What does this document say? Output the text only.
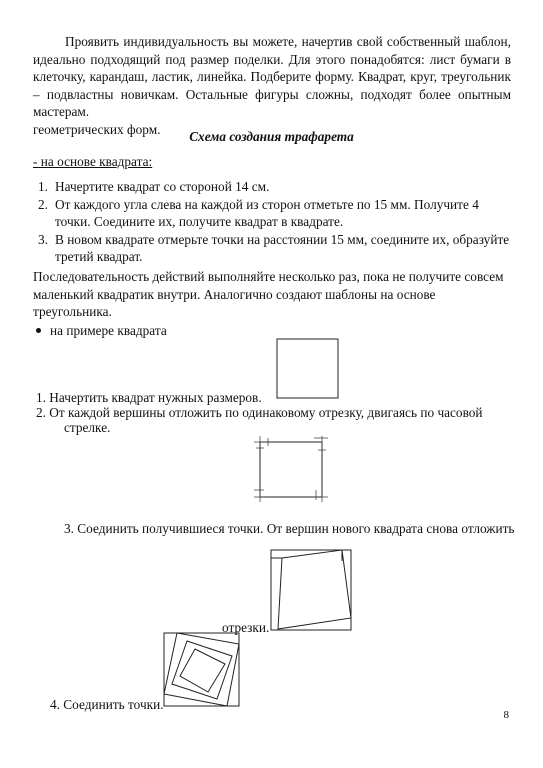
Проявить индивидуальность вы можете, начертив свой собственный шаблон, идеально подходящий под размер поделки. Для этого понадобятся: лист бумаги в клеточку, карандаш, ластик, линейка. Подберите форму. Квадрат, круг, треугольник – подвластны новичкам. Остальные фигуры сложны, подходят более опытным мастерам.
геометрических форм.	Схема создания трафарета
- на основе квадрата:
1. Начертите квадрат со стороной 14 см.
2. От каждого угла слева на каждой из сторон отметьте по 15 мм. Получите 4 точки. Соедините их, получите квадрат в квадрате.
3. В новом квадрате отмерьте точки на расстоянии 15 мм, соедините их, образуйте третий квадрат.

Последовательность действий выполняйте несколько раз, пока не получите совсем маленький квадратик внутри. Аналогично создают шаблоны на основе треугольника.

на примере квадрата
1. Начертить квадрат нужных размеров.
2. От каждой вершины отложить по одинаковому отрезку, двигаясь по часовой
стрелке.
3. Соединить получившиеся точки. От вершин нового квадрата снова отложить
отрезки.
4. Соединить точки.
8
